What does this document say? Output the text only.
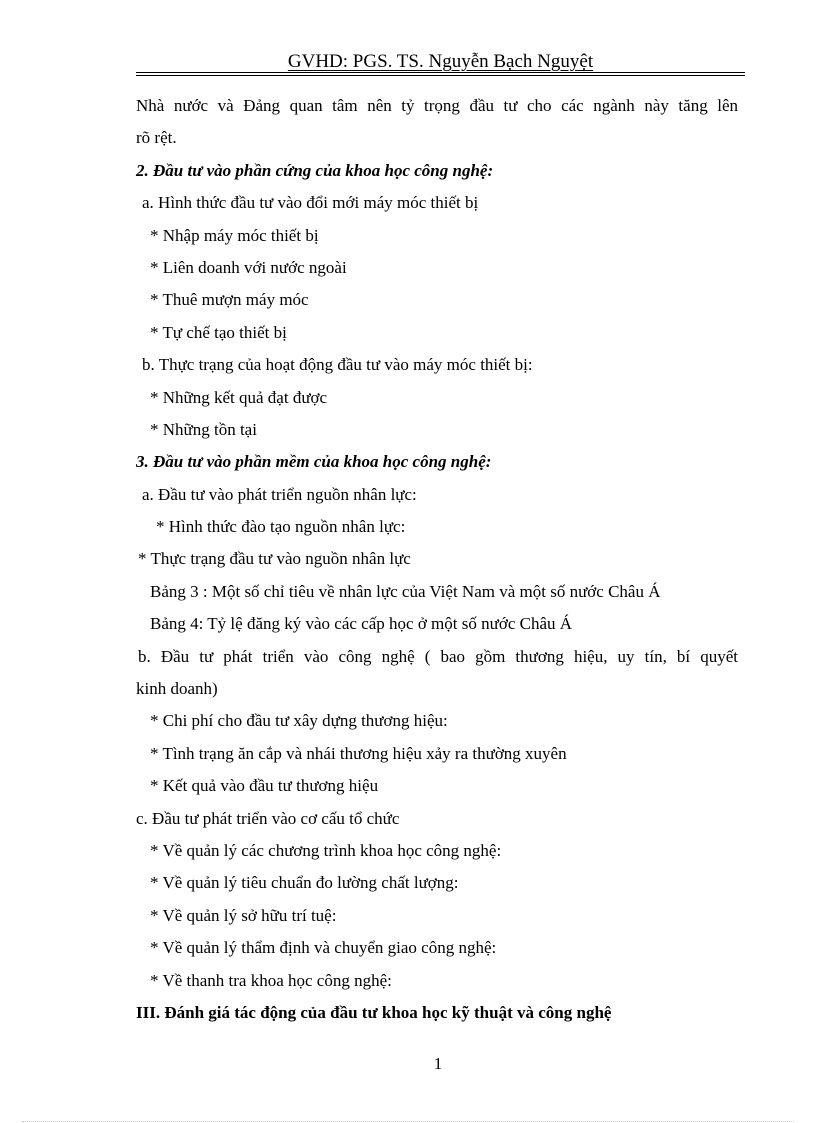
GVHD: PGS. TS. Nguyễn Bạch Nguyệt
Nhà nước và Đảng quan tâm nên tỷ trọng đầu tư cho các ngành này tăng lên
rõ rệt.
2. Đầu tư vào phần cứng của khoa học công nghệ:
a. Hình thức đầu tư vào đổi mới máy móc thiết bị
* Nhập máy móc thiết bị
* Liên doanh với nước ngoài
* Thuê mượn máy móc
* Tự chế tạo thiết bị
b. Thực trạng của hoạt động đầu tư vào máy móc thiết bị:
* Những kết quả đạt được
* Những tồn tại
3. Đầu tư vào phần mềm của khoa học công nghệ:
a. Đầu tư vào phát triển nguồn nhân lực:
* Hình thức đào tạo nguồn nhân lực:
* Thực trạng đầu tư vào nguồn nhân lực
Bảng 3 : Một số chỉ tiêu về nhân lực của Việt Nam và một số nước Châu Á
Bảng 4: Tỷ lệ đăng ký vào các cấp học ở một số nước Châu Á
b. Đầu tư phát triển vào công nghệ ( bao gồm thương hiệu, uy tín, bí quyết
kinh doanh)
* Chi phí cho đầu tư xây dựng thương hiệu:
* Tình trạng ăn cắp và nhái thương hiệu xảy ra thường xuyên
* Kết quả vào đầu tư thương hiệu
c. Đầu tư phát triển vào cơ cấu tổ chức
* Về quản lý các chương trình khoa học công nghệ:
* Về quản lý tiêu chuẩn đo lường chất lượng:
* Về quản lý sở hữu trí tuệ:
* Về quản lý thẩm định và chuyển giao công nghệ:
* Về thanh tra khoa học công nghệ:
III. Đánh giá tác động của đầu tư khoa học kỹ thuật và công nghệ
1
